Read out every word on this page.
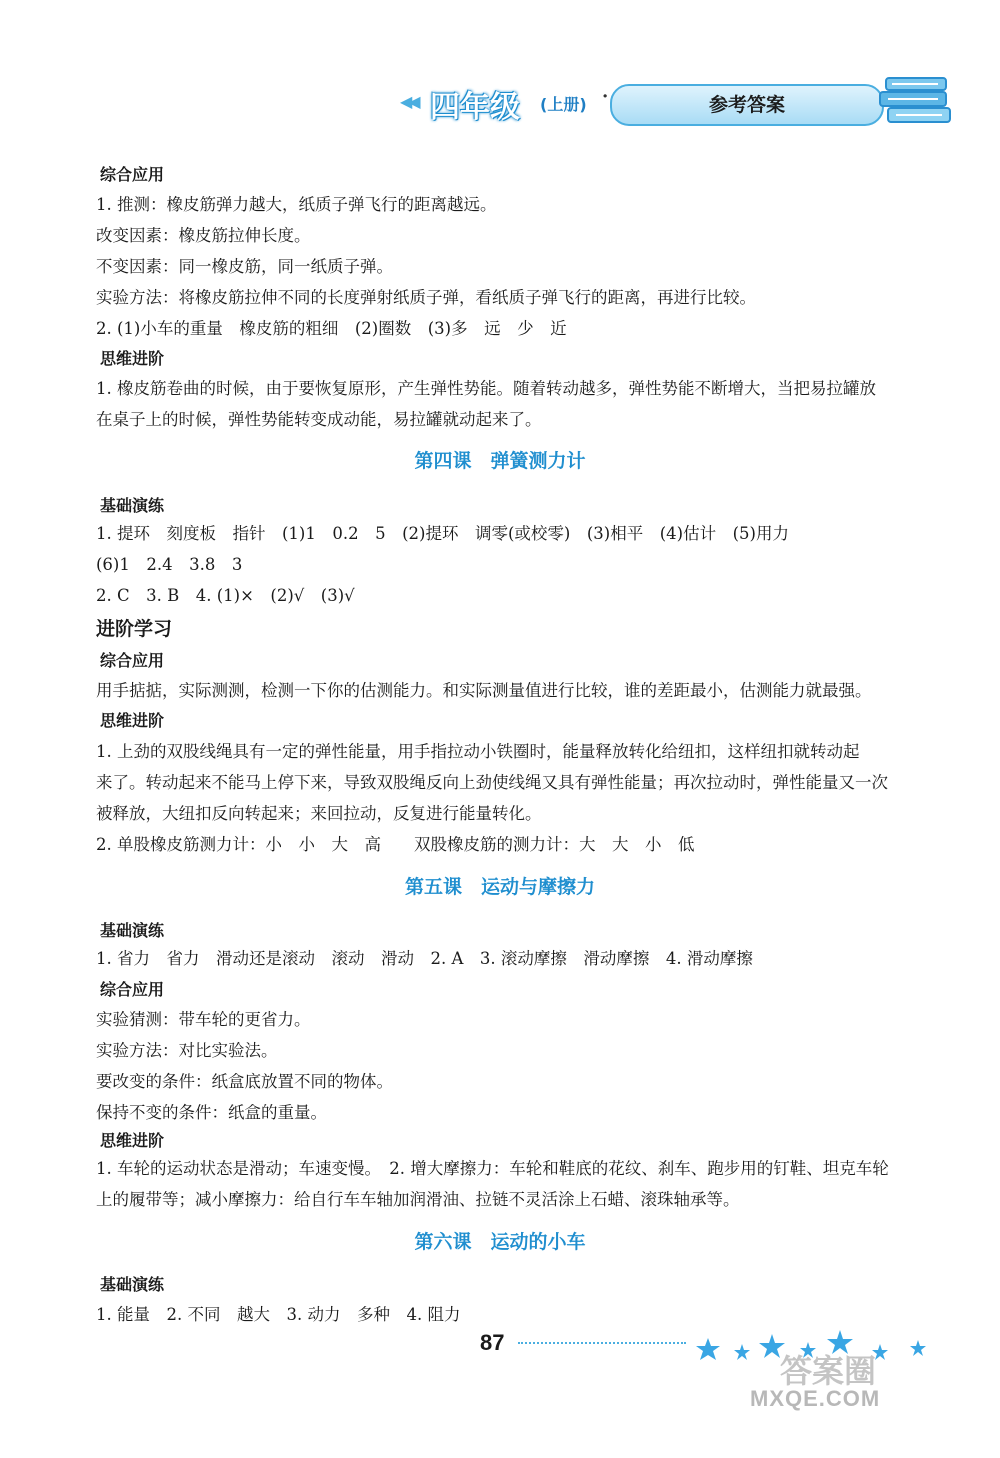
◀◀ 四年级 (上册) ·	参考答案
综合应用
1. 推测：橡皮筋弹力越大，纸质子弹飞行的距离越远。
改变因素：橡皮筋拉伸长度。
不变因素：同一橡皮筋，同一纸质子弹。
实验方法：将橡皮筋拉伸不同的长度弹射纸质子弹，看纸质子弹飞行的距离，再进行比较。
2. (1)小车的重量　橡皮筋的粗细　(2)圈数　(3)多　远　少　近
思维进阶
1. 橡皮筋卷曲的时候，由于要恢复原形，产生弹性势能。随着转动越多，弹性势能不断增大，当把易拉罐放
在桌子上的时候，弹性势能转变成动能，易拉罐就动起来了。
第四课　弹簧测力计
基础演练
1. 提环　刻度板　指针　(1)1　0.2　5　(2)提环　调零(或校零)　(3)相平　(4)估计　(5)用力
(6)1　2.4　3.8　3
2. C　3. B　4. (1)×　(2)√　(3)√
进阶学习
综合应用
用手掂掂，实际测测，检测一下你的估测能力。和实际测量值进行比较，谁的差距最小，估测能力就最强。
思维进阶
1. 上劲的双股线绳具有一定的弹性能量，用手指拉动小铁圈时，能量释放转化给纽扣，这样纽扣就转动起
来了。转动起来不能马上停下来，导致双股绳反向上劲使线绳又具有弹性能量；再次拉动时，弹性能量又一次
被释放，大纽扣反向转起来；来回拉动，反复进行能量转化。
2. 单股橡皮筋测力计：小　小　大　高　　双股橡皮筋的测力计：大　大　小　低
第五课　运动与摩擦力
基础演练
1. 省力　省力　滑动还是滚动　滚动　滑动　2. A　3. 滚动摩擦　滑动摩擦　4. 滑动摩擦
综合应用
实验猜测：带车轮的更省力。
实验方法：对比实验法。
要改变的条件：纸盒底放置不同的物体。
保持不变的条件：纸盒的重量。
思维进阶
1. 车轮的运动状态是滑动；车速变慢。　2. 增大摩擦力：车轮和鞋底的花纹、刹车、跑步用的钉鞋、坦克车轮
上的履带等；减小摩擦力：给自行车车轴加润滑油、拉链不灵活涂上石蜡、滚珠轴承等。
第六课　运动的小车
基础演练
1. 能量　2. 不同　越大　3. 动力　多种　4. 阻力
87
答案圈
MXQE.COM
